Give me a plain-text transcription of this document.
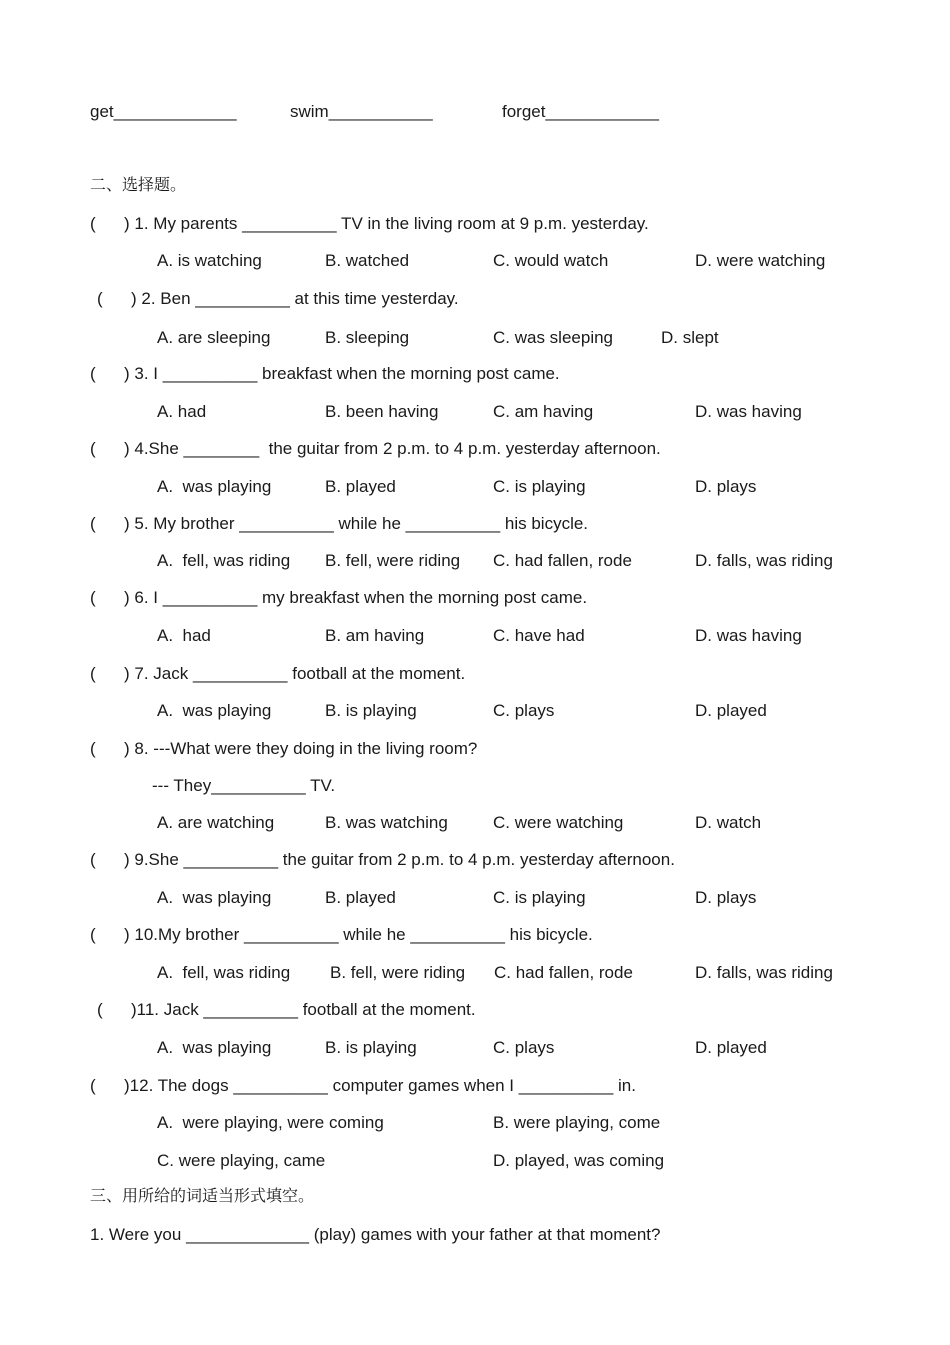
get_____________	swim___________	forget____________
二、选择题。
(      ) 1. My parents __________ TV in the living room at 9 p.m. yesterday.
A. is watching	B. watched	C. would watch	D. were watching
(      ) 2. Ben __________ at this time yesterday.
A. are sleeping	B. sleeping	C. was sleeping	D. slept
(      ) 3. I __________ breakfast when the morning post came.
A. had	B. been having	C. am having	D. was having
(      ) 4.She ________  the guitar from 2 p.m. to 4 p.m. yesterday afternoon.
A.  was playing	B. played	C. is playing	D. plays
(      ) 5. My brother __________ while he __________ his bicycle.
A.  fell, was riding B. fell, were riding C. had fallen, rode	D. falls, was riding
(      ) 6. I __________ my breakfast when the morning post came.
A.  had	B. am having	C. have had	D. was having
(      ) 7. Jack __________ football at the moment.
A.  was playing	B. is playing	C. plays	D. played
(      ) 8. ---What were they doing in the living room?
--- They__________ TV.
A. are watching	B. was watching	C. were watching	D. watch
(      ) 9.She __________ the guitar from 2 p.m. to 4 p.m. yesterday afternoon.
A.  was playing	B. played	C. is playing	D. plays
(      ) 10.My brother __________ while he __________ his bicycle.
A.  fell, was riding B. fell, were riding C. had fallen, rode	D. falls, was riding
(      )11. Jack __________ football at the moment.
A.  was playing	B. is playing	C. plays	D. played
(      )12. The dogs __________ computer games when I __________ in.
A.  were playing, were coming	B. were playing, come
C. were playing, came	D. played, was coming
三、用所给的词适当形式填空。
1. Were you _____________ (play) games with your father at that moment?
